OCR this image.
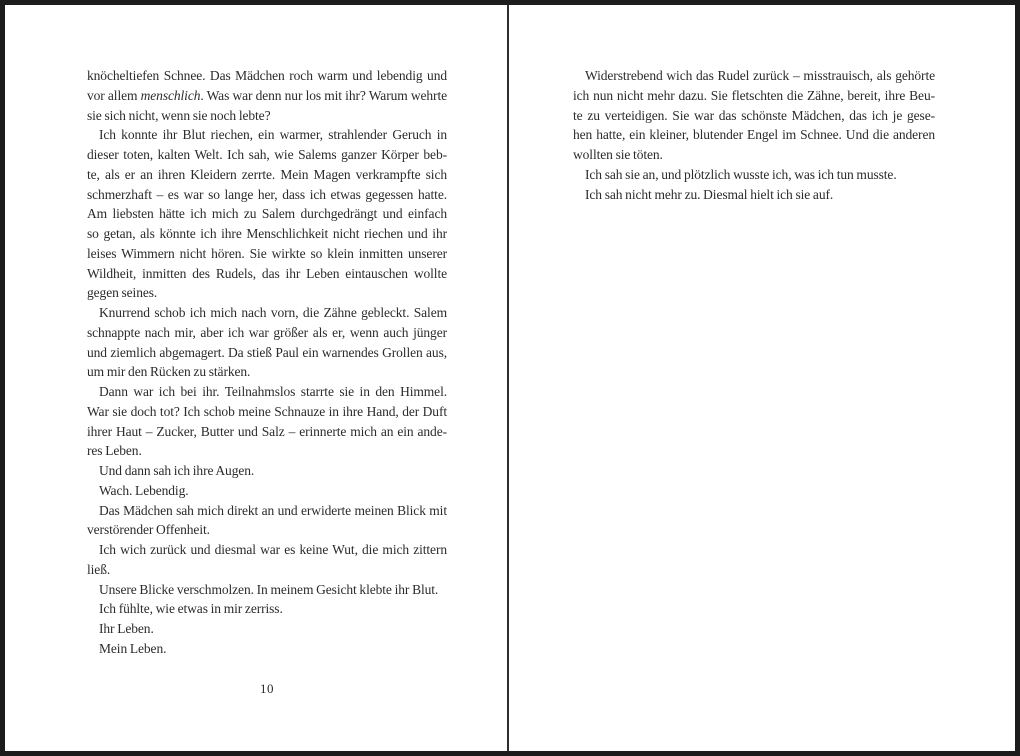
knöcheltiefen Schnee. Das Mädchen roch warm und lebendig und
vor allem menschlich. Was war denn nur los mit ihr? Warum wehrte
sie sich nicht, wenn sie noch lebte?
Ich konnte ihr Blut riechen, ein warmer, strahlender Geruch in
dieser toten, kalten Welt. Ich sah, wie Salems ganzer Körper beb-
te, als er an ihren Kleidern zerrte. Mein Magen verkrampfte sich
schmerzhaft – es war so lange her, dass ich etwas gegessen hatte.
Am liebsten hätte ich mich zu Salem durchgedrängt und einfach
so getan, als könnte ich ihre Menschlichkeit nicht riechen und ihr
leises Wimmern nicht hören. Sie wirkte so klein inmitten unserer
Wildheit, inmitten des Rudels, das ihr Leben eintauschen wollte
gegen seines.
Knurrend schob ich mich nach vorn, die Zähne gebleckt. Salem
schnappte nach mir, aber ich war größer als er, wenn auch jünger
und ziemlich abgemagert. Da stieß Paul ein warnendes Grollen aus,
um mir den Rücken zu stärken.
Dann war ich bei ihr. Teilnahmslos starrte sie in den Himmel.
War sie doch tot? Ich schob meine Schnauze in ihre Hand, der Duft
ihrer Haut – Zucker, Butter und Salz – erinnerte mich an ein ande-
res Leben.
Und dann sah ich ihre Augen.
Wach. Lebendig.
Das Mädchen sah mich direkt an und erwiderte meinen Blick mit
verstörender Offenheit.
Ich wich zurück und diesmal war es keine Wut, die mich zittern
ließ.
Unsere Blicke verschmolzen. In meinem Gesicht klebte ihr Blut.
Ich fühlte, wie etwas in mir zerriss.
Ihr Leben.
Mein Leben.
10
Widerstrebend wich das Rudel zurück – misstrauisch, als gehörte
ich nun nicht mehr dazu. Sie fletschten die Zähne, bereit, ihre Beu-
te zu verteidigen. Sie war das schönste Mädchen, das ich je gese-
hen hatte, ein kleiner, blutender Engel im Schnee. Und die anderen
wollten sie töten.
Ich sah sie an, und plötzlich wusste ich, was ich tun musste.
Ich sah nicht mehr zu. Diesmal hielt ich sie auf.
